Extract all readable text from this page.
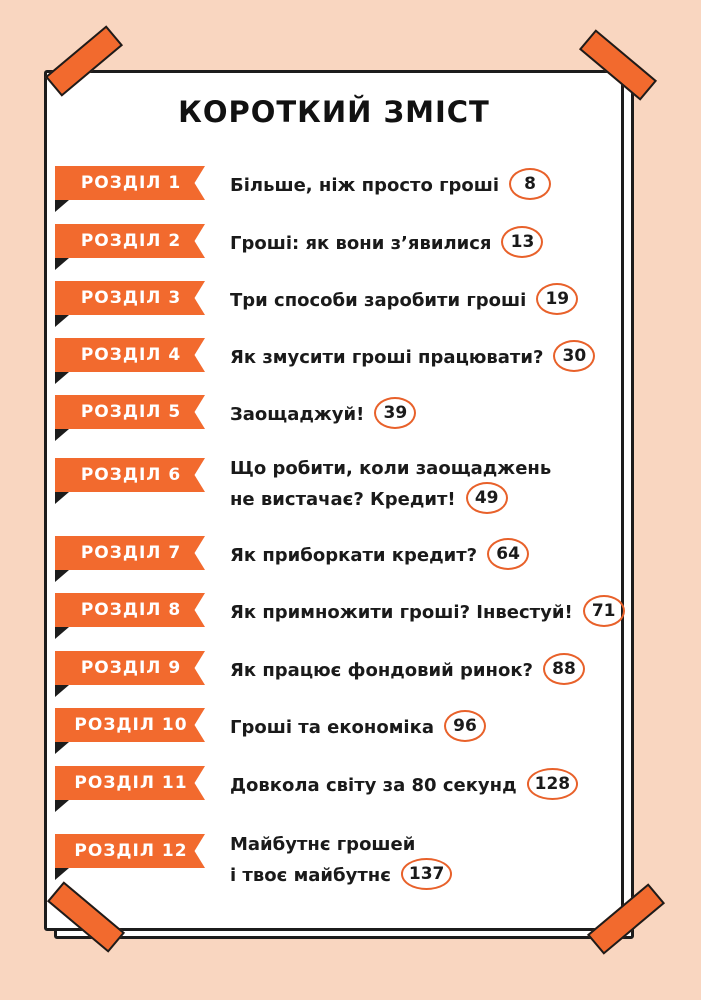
КОРОТКИЙ ЗМІСТ
РОЗДІЛ 1	Більше, ніж просто гроші 8
РОЗДІЛ 2	Гроші: як вони з’явилися 13
РОЗДІЛ 3	Три способи заробити гроші 19
РОЗДІЛ 4	Як змусити гроші працювати? 30
РОЗДІЛ 5	Заощаджуй! 39
РОЗДІЛ 6	Що робити, коли заощаджень
не вистачає? Кредит! 49
РОЗДІЛ 7	Як приборкати кредит? 64
РОЗДІЛ 8	Як примножити гроші? Інвестуй! 71
РОЗДІЛ 9	Як працює фондовий ринок? 88
РОЗДІЛ 10	Гроші та економіка 96
РОЗДІЛ 11	Довкола світу за 80 секунд 128
РОЗДІЛ 12	Майбутнє грошей
і твоє майбутнє 137
